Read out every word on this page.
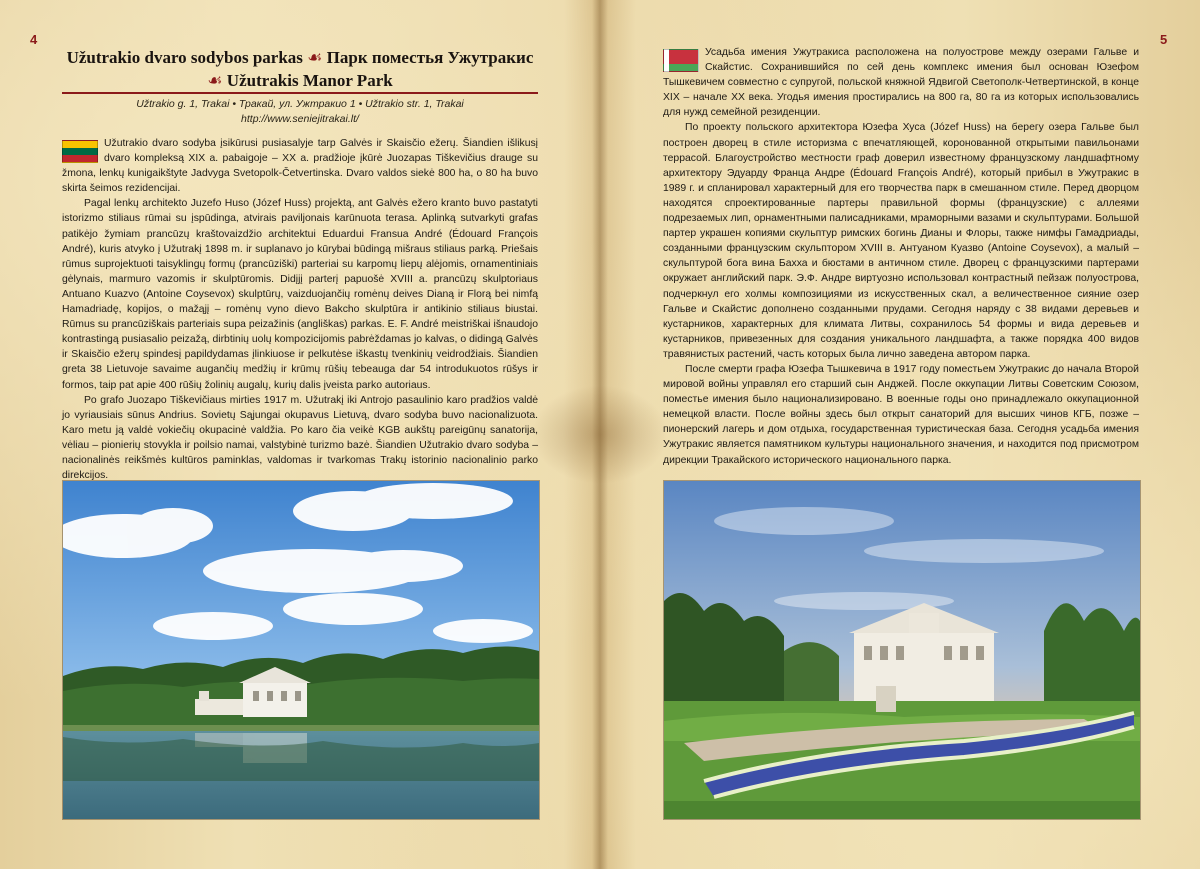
4	5
Užutrakio dvaro sodybos parkas ☙ Парк поместья Ужутракис
☙ Užutrakis Manor Park
Užtrakio g. 1, Trakai • Тракай, ул. Ужтракио 1 • Užtrakio str. 1, Trakai
http://www.seniejitrakai.lt/

Užutrakio dvaro sodyba įsikūrusi pusiasalyje tarp Galvės ir Skaisčio ežerų. Šiandien išlikusį dvaro kompleksą XIX a. pabaigoje – XX a. pradžioje įkūrė Juozapas Tiškevičius drauge su žmona, lenkų kunigaikštyte Jadvyga Svetopolk-Četvertinska. Dvaro valdos siekė 800 ha, o 80 ha buvo skirta šeimos rezidencijai.

Pagal lenkų architekto Juzefo Huso (Józef Huss) projektą, ant Galvės ežero kranto buvo pastatyti istorizmo stiliaus rūmai su įspūdinga, atvirais paviljonais karūnuota terasa. Aplinką sutvarkyti grafas patikėjo žymiam prancūzų kraštovaizdžio architektui Eduardui Fransua André (Édouard François André), kuris atvyko į Užutrakį 1898 m. ir suplanavo jo kūrybai būdingą mišraus stiliaus parką. Priešais rūmus suprojektuoti taisyklingų formų (prancūziški) parteriai su karpomų liepų alėjomis, ornamentiniais gėlynais, marmuro vazomis ir skulptūromis. Didįjį parterį papuošė XVIII a. prancūzų skulptoriaus Antuano Kuazvo (Antoine Coysevox) skulptūrų, vaizduojančių romėnų deives Dianą ir Florą bei nimfą Hamadriadę, kopijos, o mažąjį – romėnų vyno dievo Bakcho skulptūra ir antikinio stiliaus biustai. Rūmus su prancūziškais parteriais supa peizažinis (angliškas) parkas. E. F. André meistriškai išnaudojo kontrastingą pusiasalio peizažą, dirbtinių uolų kompozicijomis pabrėždamas jo kalvas, o didingą Galvės ir Skaisčio ežerų spindesį papildydamas įlinkiuose ir pelkutėse iškastų tvenkinių veidrodžiais. Šiandien greta 38 Lietuvoje savaime augančių medžių ir krūmų rūšių tebeauga dar 54 introdukuotos rūšys ir formos, taip pat apie 400 rūšių žolinių augalų, kurių dalis įveista parko autoriaus.

Po grafo Juozapo Tiškevičiaus mirties 1917 m. Užutrakį iki Antrojo pasaulinio karo pradžios valdė jo vyriausiais sūnus Andrius. Sovietų Sąjungai okupavus Lietuvą, dvaro sodyba buvo nacionalizuota. Karo metu ją valdė vokiečių okupacinė valdžia. Po karo čia veikė KGB aukštų pareigūnų sanatorija, vėliau – pionierių stovykla ir poilsio namai, valstybinė turizmo bazė. Šiandien Užutrakio dvaro sodyba – nacionalinės reikšmės kultūros paminklas, valdomas ir tvarkomas Trakų istorinio nacionalinio parko direkcijos.

Усадьба имения Ужутракиса расположена на полуострове между озерами Гальве и Скайстис. Сохранившийся по сей день комплекс имения был основан Юзефом Тышкевичем совместно с супругой, польской княжной Ядвигой Светополк-Четвертинской, в конце XIX – начале XX века. Угодья имения простирались на 800 га, 80 га из которых использовались для нужд семейной резиденции.

По проекту польского архитектора Юзефа Хуса (Józef Huss) на берегу озера Гальве был построен дворец в стиле историзма с впечатляющей, коронованной открытыми павильонами террасой. Благоустройство местности граф доверил известному французскому ландшафтному архитектору Эдуарду Франца Андре (Édouard François André), который прибыл в Ужутракис в 1989 г. и спланировал характерный для его творчества парк в смешанном стиле. Перед дворцом находятся спроектированные партеры правильной формы (французские) с аллеями подрезаемых лип, орнаментными палисадниками, мраморными вазами и скульптурами. Большой партер украшен копиями скульптур римских богинь Дианы и Флоры, также нимфы Гамадриады, созданными французским скульптором XVIII в. Антуаном Куазво (Antoine Coysevox), а малый – скульптурой бога вина Бахха и бюстами в античном стиле. Дворец с французскими партерами окружает английский парк. Э.Ф. Андре виртуозно использовал контрастный пейзаж полуострова, подчеркнул его холмы композициями из искусственных скал, а величественное сияние озер Гальве и Скайстис дополнено созданными прудами. Сегодня наряду с 38 видами деревьев и кустарников, характерных для климата Литвы, сохранилось 54 формы и вида деревьев и кустарников, привезенных для создания уникального ландшафта, а также порядка 400 видов травянистых растений, часть которых была лично заведена автором парка.

После смерти графа Юзефа Тышкевича в 1917 году поместьем Ужутракис до начала Второй мировой войны управлял его старший сын Анджей. После оккупации Литвы Советским Союзом, поместье имения было национализировано. В военные годы оно принадлежало оккупационной немецкой власти. После войны здесь был открыт санаторий для высших чинов КГБ, позже – пионерский лагерь и дом отдыха, государственная туристическая база. Сегодня усадьба имения Ужутракис является памятником культуры национального значения, и находится под присмотром дирекции Тракайского исторического национального парка.
